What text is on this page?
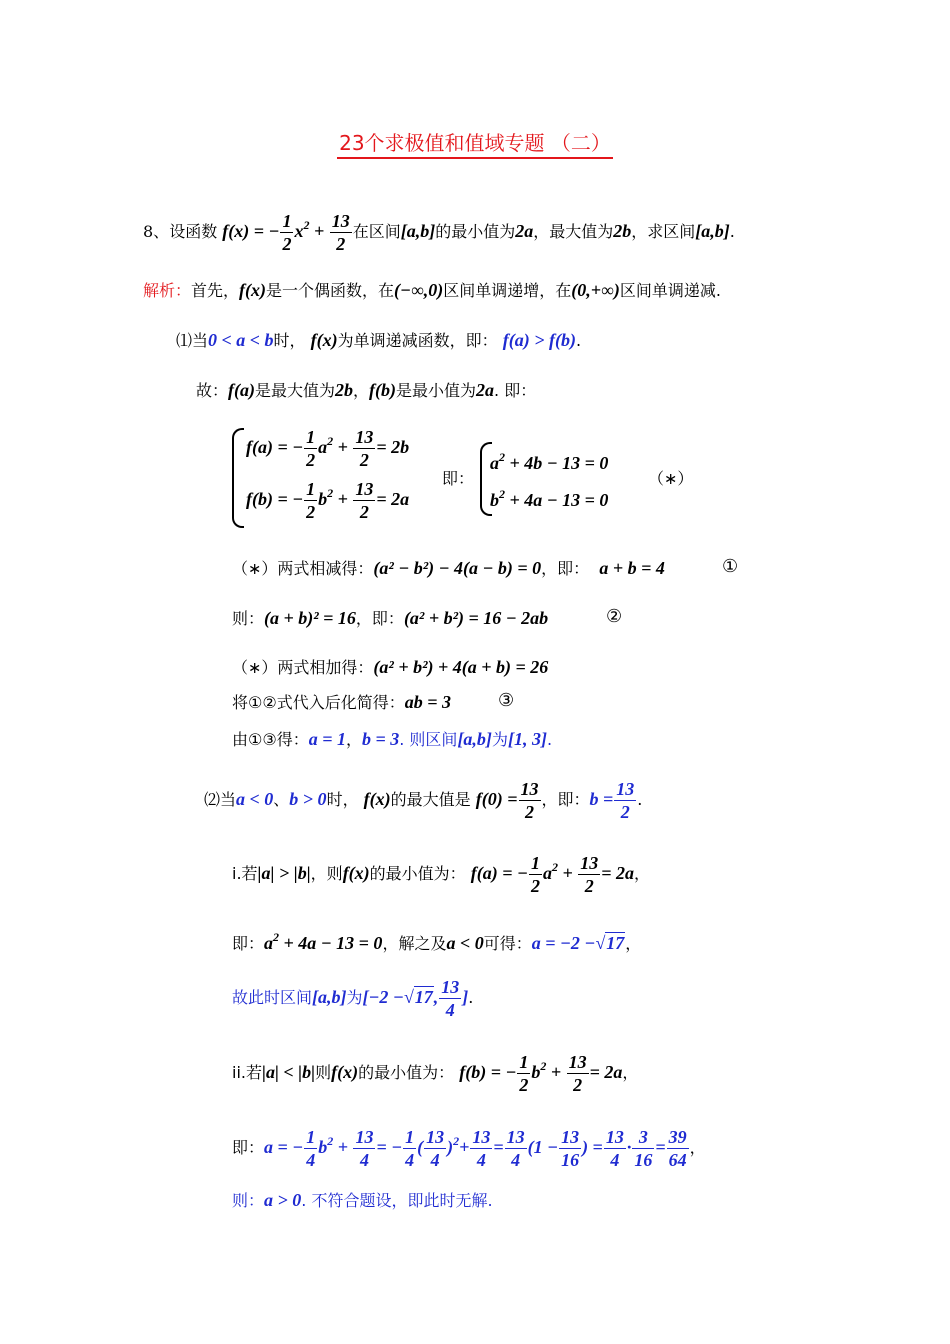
23个求极值和值域专题 （二）
8、设函数 f(x) = − $\frac{1}{2} x^2 + \frac{13}{2}$ 在区间[a,b]的最小值为2a，最大值为2b，求区间[a,b].
解析：首先，f(x)是一个偶函数，在(−∞,0)区间单调递增，在(0,+∞)区间单调递减.
⑴当0 < a < b时， f(x)为单调递减函数，即： f(a) > f(b).
故：f(a)是最大值为2b，f(b)是最小值为2a. 即：
f(a) = − $\frac{1}{2} a^2 + \frac{13}{2} = 2b$
f(b) = − $\frac{1}{2} b^2 + \frac{13}{2} = 2a$
即：
$a^2 + 4b - 13 = 0$
$b^2 + 4a - 13 = 0$
（∗）
（∗）两式相减得：(a² − b²) − 4(a − b) = 0，即： a + b = 4	①
则：(a + b)² = 16，即：(a² + b²) = 16 − 2ab	②
（∗）两式相加得：(a² + b²) + 4(a + b) = 26
将①②式代入后化简得：ab = 3	③
由①③得：a = 1，b = 3. 则区间[a,b]为[1, 3].
⑵当a < 0、b > 0时， f(x)的最大值是 $f(0) = \frac{13}{2}$ ，即：$b = \frac{13}{2}$ .
i.若|a| > |b|，则f(x)的最小值为： f(a) = − $\frac{1}{2} a^2 + \frac{13}{2} = 2a$，
即：$a^2 + 4a - 13 = 0$，解之及a < 0可得：a = −2 −√17，
故此时区间[a,b]为[−2 −√17, $\frac{13}{4}$ ].
ii.若|a| < |b|则f(x)的最小值为： f(b) = − $\frac{1}{2} b^2 + \frac{13}{2} = 2a$，
即：a = − $\frac{1}{4} b^2 + \frac{13}{4}$ = − $\frac{1}{4}$ ( $\frac{13}{4} )^2+ \frac{13}{4} = \frac{13}{4} (1 - \frac{13}{16}$ ) = $\frac{13}{4} \cdot \frac{3}{16} = \frac{39}{64}$ ，
则：a > 0. 不符合题设，即此时无解.
